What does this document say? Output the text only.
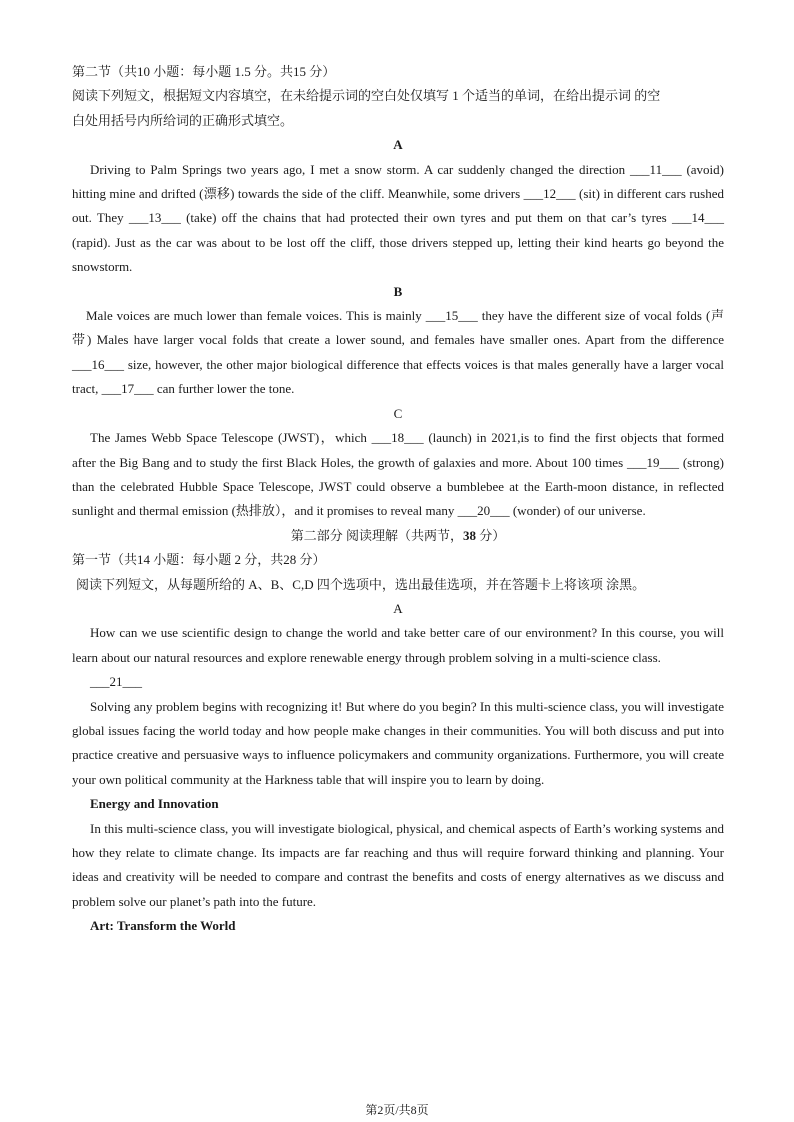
第二节（共10 小题：每小题 1.5 分。共15 分）

阅读下列短文，根据短文内容填空，在未给提示词的空白处仅填写 1 个适当的单词，在给出提示词 的空

白处用括号内所给词的正确形式填空。

A

Driving to Palm Springs two years ago, I met a snow storm. A car suddenly changed the direction ___11___ (avoid) hitting mine and drifted (漂移) towards the side of the cliff. Meanwhile, some drivers ___12___ (sit) in different cars rushed out. They ___13___ (take) off the chains that had protected their own tyres and put them on that car’s tyres ___14___ (rapid). Just as the car was about to be lost off the cliff, those drivers stepped up, letting their kind hearts go beyond the snowstorm.

B

Male voices are much lower than female voices. This is mainly ___15___ they have the different size of vocal folds (声带) Males have larger vocal folds that create a lower sound, and females have smaller ones. Apart from the difference ___16___ size, however, the other major biological difference that effects voices is that males generally have a larger vocal tract, ___17___ can further lower the tone.

C

The James Webb Space Telescope (JWST)，which ___18___ (launch) in 2021,is to find the first objects that formed after the Big Bang and to study the first Black Holes, the growth of galaxies and more. About 100 times ___19___ (strong) than the celebrated Hubble Space Telescope, JWST could observe a bumblebee at the Earth-moon distance, in reflected sunlight and thermal emission (热排放），and it promises to reveal many ___20___ (wonder) of our universe.

第二部分 阅读理解（共两节，38 分）

第一节（共14 小题：每小题 2 分，共28 分）

阅读下列短文，从每题所给的 A、B、C,D 四个选项中，选出最佳选项，并在答题卡上将该项 涂黑。

A

How can we use scientific design to change the world and take better care of our environment? In this course, you will learn about our natural resources and explore renewable energy through problem solving in a multi-science class.

___21___

Solving any problem begins with recognizing it! But where do you begin? In this multi-science class, you will investigate global issues facing the world today and how people make changes in their communities. You will both discuss and put into practice creative and persuasive ways to influence policymakers and community organizations. Furthermore, you will create your own political community at the Harkness table that will inspire you to learn by doing.

Energy and Innovation

In this multi-science class, you will investigate biological, physical, and chemical aspects of Earth’s working systems and how they relate to climate change. Its impacts are far reaching and thus will require forward thinking and planning. Your ideas and creativity will be needed to compare and contrast the benefits and costs of energy alternatives as we discuss and problem solve our planet’s path into the future.

Art: Transform the World

第2页/共8页
